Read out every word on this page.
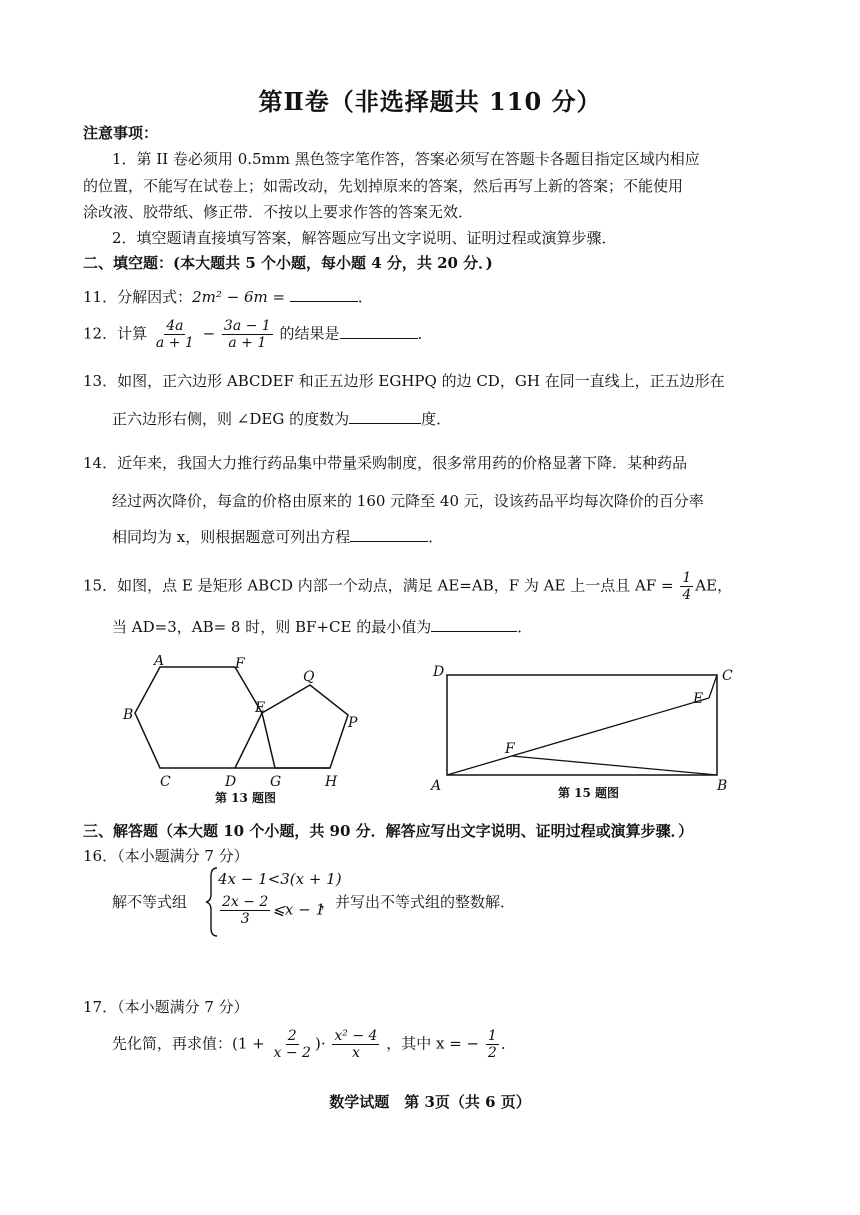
第Ⅱ卷（非选择题共 110 分）
注意事项：
1．第 II 卷必须用 0.5mm 黑色签字笔作答，答案必须写在答题卡各题目指定区域内相应
的位置，不能写在试卷上；如需改动，先划掉原来的答案，然后再写上新的答案；不能使用
涂改液、胶带纸、修正带．不按以上要求作答的答案无效．
2．填空题请直接填写答案，解答题应写出文字说明、证明过程或演算步骤．
二、填空题：(本大题共 5 个小题，每小题 4 分，共 20 分．)
11．分解因式：2m² − 6m =	．
12．计算 $\frac{4a}{a + 1} - \frac{3a - 1}{a + 1}$ 的结果是	．
13．如图，正六边形 ABCDEF 和正五边形 EGHPQ 的边 CD，GH 在同一直线上，正五边形在
正六边形右侧，则 ∠DEG 的度数为	度．
14．近年来，我国大力推行药品集中带量采购制度，很多常用药的价格显著下降．某种药品
经过两次降价，每盒的价格由原来的 160 元降至 40 元，设该药品平均每次降价的百分率
相同均为 x，则根据题意可列出方程	．
15．如图，点 E 是矩形 ABCD 内部一个动点，满足 AE=AB，F 为 AE 上一点且 AF = $\frac{1}{4}$ AE，
当 AD=3，AB= 8 时，则 BF+CE 的最小值为	．
A	F
B	E
Q
P
C	D G	H
第 13 题图
D	C
E
F
A	B
第 15 题图
三、解答题（本大题 10 个小题，共 90 分．解答应写出文字说明、证明过程或演算步骤．）
16．（本小题满分 7 分）
解不等式组
4x − 1<3(x + 1)
$\frac{2x - 2}{3}$ ⩽x − 1
，并写出不等式组的整数解．
17．（本小题满分 7 分）
先化简，再求值：($1 + \frac{2}{x - 2}$ )· $\frac{\text{x² − 4}}{x}$ ，其中 x = − $\frac{1}{2}$ ．
数学试题　第 3页（共 6 页）
